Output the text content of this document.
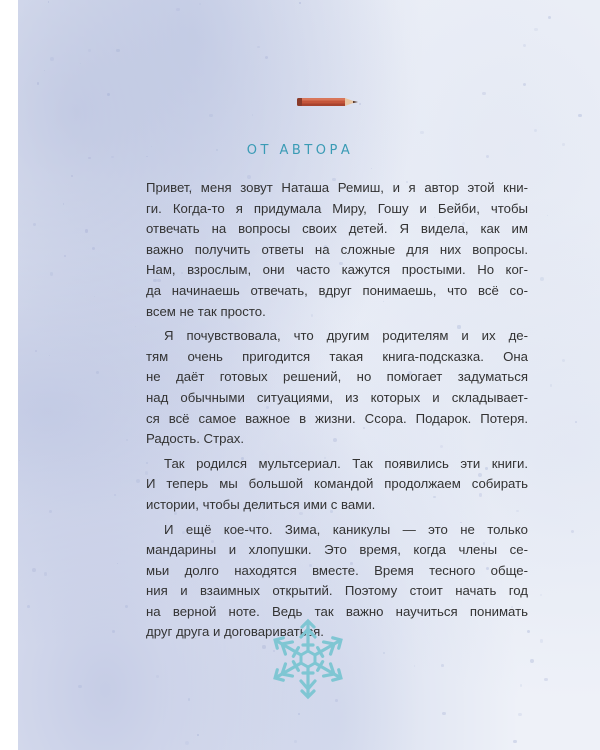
ОТ АВТОРА
Привет, меня зовут Наташа Ремиш, и я автор этой кни-
ги. Когда-то я придумала Миру, Гошу и Бейби, чтобы
отвечать на вопросы своих детей. Я видела, как им
важно получить ответы на сложные для них вопросы.
Нам, взрослым, они часто кажутся простыми. Но ког-
да начинаешь отвечать, вдруг понимаешь, что всё со-
всем не так просто.
Я почувствовала, что другим родителям и их де-
тям очень пригодится такая книга-подсказка. Она
не даёт готовых решений, но помогает задуматься
над обычными ситуациями, из которых и складывает-
ся всё самое важное в жизни. Ссора. Подарок. Потеря.
Радость. Страх.
Так родился мультсериал. Так появились эти книги.
И теперь мы большой командой продолжаем собирать
истории, чтобы делиться ими с вами.
И ещё кое-что. Зима, каникулы — это не только
мандарины и хлопушки. Это время, когда члены се-
мьи долго находятся вместе. Время тесного обще-
ния и взаимных открытий. Поэтому стоит начать год
на верной ноте. Ведь так важно научиться понимать
друг друга и договариваться.
